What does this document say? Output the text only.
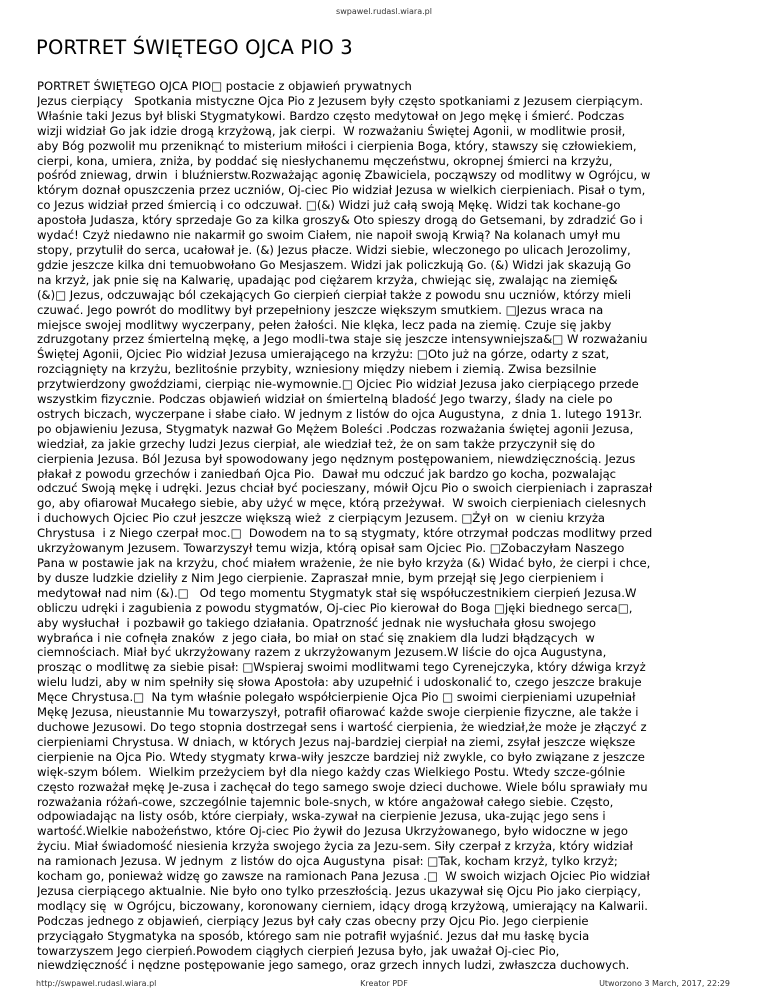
swpawel.rudasl.wiara.pl
PORTRET ŚWIĘTEGO OJCA PIO 3
PORTRET ŚWIĘTEGO OJCA PIO□ postacie z objawień prywatnych
Jezus cierpiący   Spotkania mistyczne Ojca Pio z Jezusem były często spotkaniami z Jezusem cierpiącym.
Właśnie taki Jezus był bliski Stygmatykowi. Bardzo często medytował on Jego mękę i śmierć. Podczas
wizji widział Go jak idzie drogą krzyżową, jak cierpi.  W rozważaniu Świętej Agonii, w modlitwie prosił,
aby Bóg pozwolił mu przeniknąć to misterium miłości i cierpienia Boga, który, stawszy się człowiekiem,
cierpi, kona, umiera, zniża, by poddać się niesłychanemu męczeństwu, okropnej śmierci na krzyżu,
pośród zniewag, drwin  i bluźnierstw.Rozważając agonię Zbawiciela, począwszy od modlitwy w Ogrójcu, w
którym doznał opuszczenia przez uczniów, Oj-ciec Pio widział Jezusa w wielkich cierpieniach. Pisał o tym,
co Jezus widział przed śmiercią i co odczuwał. □(&) Widzi już całą swoją Mękę. Widzi tak kochane-go
apostoła Judasza, który sprzedaje Go za kilka groszy& Oto spieszy drogą do Getsemani, by zdradzić Go i
wydać! Czyż niedawno nie nakarmił go swoim Ciałem, nie napoił swoją Krwią? Na kolanach umył mu
stopy, przytulił do serca, ucałował je. (&) Jezus płacze. Widzi siebie, wleczonego po ulicach Jerozolimy,
gdzie jeszcze kilka dni temuobwołano Go Mesjaszem. Widzi jak policzkują Go. (&) Widzi jak skazują Go
na krzyż, jak pnie się na Kalwarię, upadając pod ciężarem krzyża, chwiejąc się, zwalając na ziemię&
(&)□ Jezus, odczuwając ból czekających Go cierpień cierpiał także z powodu snu uczniów, którzy mieli
czuwać. Jego powrót do modlitwy był przepełniony jeszcze większym smutkiem. □Jezus wraca na
miejsce swojej modlitwy wyczerpany, pełen żałości. Nie klęka, lecz pada na ziemię. Czuje się jakby
zdruzgotany przez śmiertelną mękę, a Jego modli-twa staje się jeszcze intensywniejsza&□ W rozważaniu
Świętej Agonii, Ojciec Pio widział Jezusa umierającego na krzyżu: □Oto już na górze, odarty z szat,
rozciągnięty na krzyżu, bezlitośnie przybity, wzniesiony między niebem i ziemią. Zwisa bezsilnie
przytwierdzony gwoździami, cierpiąc nie-wymownie.□ Ojciec Pio widział Jezusa jako cierpiącego przede
wszystkim fizycznie. Podczas objawień widział on śmiertelną bladość Jego twarzy, ślady na ciele po
ostrych biczach, wyczerpane i słabe ciało. W jednym z listów do ojca Augustyna,  z dnia 1. lutego 1913r.
po objawieniu Jezusa, Stygmatyk nazwał Go Mężem Boleści .Podczas rozważania świętej agonii Jezusa,
wiedział, za jakie grzechy ludzi Jezus cierpiał, ale wiedział też, że on sam także przyczynił się do
cierpienia Jezusa. Ból Jezusa był spowodowany jego nędznym postępowaniem, niewdzięcznością. Jezus
płakał z powodu grzechów i zaniedbań Ojca Pio.  Dawał mu odczuć jak bardzo go kocha, pozwalając
odczuć Swoją mękę i udręki. Jezus chciał być pocieszany, mówił Ojcu Pio o swoich cierpieniach i zapraszał
go, aby ofiarował Mucałego siebie, aby użyć w męce, którą przeżywał.  W swoich cierpieniach cielesnych
i duchowych Ojciec Pio czuł jeszcze większą wież  z cierpiącym Jezusem. □Żył on  w cieniu krzyża
Chrystusa  i z Niego czerpał moc.□  Dowodem na to są stygmaty, które otrzymał podczas modlitwy przed
ukrzyżowanym Jezusem. Towarzyszył temu wizja, którą opisał sam Ojciec Pio. □Zobaczyłam Naszego
Pana w postawie jak na krzyżu, choć miałem wrażenie, że nie było krzyża (&) Widać było, że cierpi i chce,
by dusze ludzkie dzieliły z Nim Jego cierpienie. Zapraszał mnie, bym przejął się Jego cierpieniem i
medytował nad nim (&).□   Od tego momentu Stygmatyk stał się współuczestnikiem cierpień Jezusa.W
obliczu udręki i zagubienia z powodu stygmatów, Oj-ciec Pio kierował do Boga □jęki biednego serca□,
aby wysłuchał  i pozbawił go takiego działania. Opatrzność jednak nie wysłuchała głosu swojego
wybrańca i nie cofnęła znaków  z jego ciała, bo miał on stać się znakiem dla ludzi błądzących  w
ciemnościach. Miał być ukrzyżowany razem z ukrzyżowanym Jezusem.W liście do ojca Augustyna,
prosząc o modlitwę za siebie pisał: □Wspieraj swoimi modlitwami tego Cyrenejczyka, który dźwiga krzyż
wielu ludzi, aby w nim spełniły się słowa Apostoła: aby uzupełnić i udoskonalić to, czego jeszcze brakuje
Męce Chrystusa.□  Na tym właśnie polegało współcierpienie Ojca Pio □ swoimi cierpieniami uzupełniał
Mękę Jezusa, nieustannie Mu towarzyszył, potrafił ofiarować każde swoje cierpienie fizyczne, ale także i
duchowe Jezusowi. Do tego stopnia dostrzegał sens i wartość cierpienia, że wiedział,że może je złączyć z
cierpieniami Chrystusa. W dniach, w których Jezus naj-bardziej cierpiał na ziemi, zsyłał jeszcze większe
cierpienie na Ojca Pio. Wtedy stygmaty krwa-wiły jeszcze bardziej niż zwykle, co było związane z jeszcze
więk-szym bólem.  Wielkim przeżyciem był dla niego każdy czas Wielkiego Postu. Wtedy szcze-gólnie
często rozważał mękę Je-zusa i zachęcał do tego samego swoje dzieci duchowe. Wiele bólu sprawiały mu
rozważania różań-cowe, szczególnie tajemnic bole-snych, w które angażował całego siebie. Często,
odpowiadając na listy osób, które cierpiały, wska-zywał na cierpienie Jezusa, uka-zując jego sens i
wartość.Wielkie nabożeństwo, które Oj-ciec Pio żywił do Jezusa Ukrzyżowanego, było widoczne w jego
życiu. Miał świadomość niesienia krzyża swojego życia za Jezu-sem. Siły czerpał z krzyża, który widział
na ramionach Jezusa. W jednym  z listów do ojca Augustyna  pisał: □Tak, kocham krzyż, tylko krzyż;
kocham go, ponieważ widzę go zawsze na ramionach Pana Jezusa .□  W swoich wizjach Ojciec Pio widział
Jezusa cierpiącego aktualnie. Nie było ono tylko przeszłością. Jezus ukazywał się Ojcu Pio jako cierpiący,
modlący się  w Ogrójcu, biczowany, koronowany cierniem, idący drogą krzyżową, umierający na Kalwarii.
Podczas jednego z objawień, cierpiący Jezus był cały czas obecny przy Ojcu Pio. Jego cierpienie
przyciągało Stygmatyka na sposób, którego sam nie potrafił wyjaśnić. Jezus dał mu łaskę bycia
towarzyszem Jego cierpień.Powodem ciągłych cierpień Jezusa było, jak uważał Oj-ciec Pio,
niewdzięczność i nędzne postępowanie jego samego, oraz grzech innych ludzi, zwłaszcza duchowych.
http://swpawel.rudasl.wiara.pl	Kreator PDF	Utworzono 3 March, 2017, 22:29
